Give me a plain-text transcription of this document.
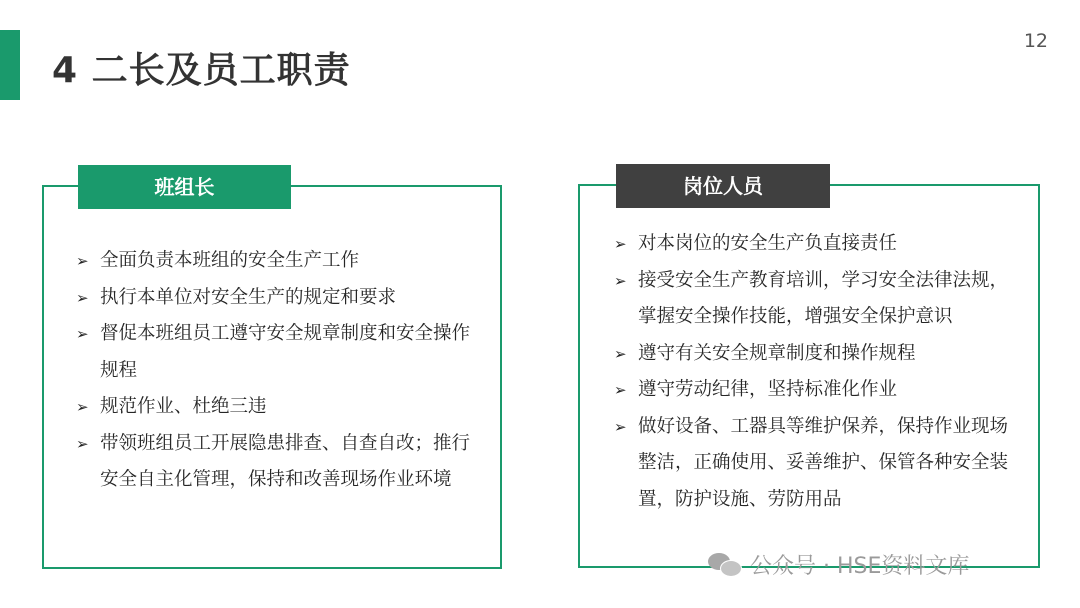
4 二长及员工职责
12
班组长
➢ 全面负责本班组的安全生产工作
➢ 执行本单位对安全生产的规定和要求
➢ 督促本班组员工遵守安全规章制度和安全操作规程
➢ 规范作业、杜绝三违
➢ 带领班组员工开展隐患排查、自查自改；推行安全自主化管理，保持和改善现场作业环境
岗位人员
➢ 对本岗位的安全生产负直接责任
➢ 接受安全生产教育培训，学习安全法律法规，掌握安全操作技能，增强安全保护意识
➢ 遵守有关安全规章制度和操作规程
➢ 遵守劳动纪律，坚持标准化作业
➢ 做好设备、工器具等维护保养，保持作业现场整洁，正确使用、妥善维护、保管各种安全装 置，防护设施、劳防用品
公众号 · HSE资料文库
